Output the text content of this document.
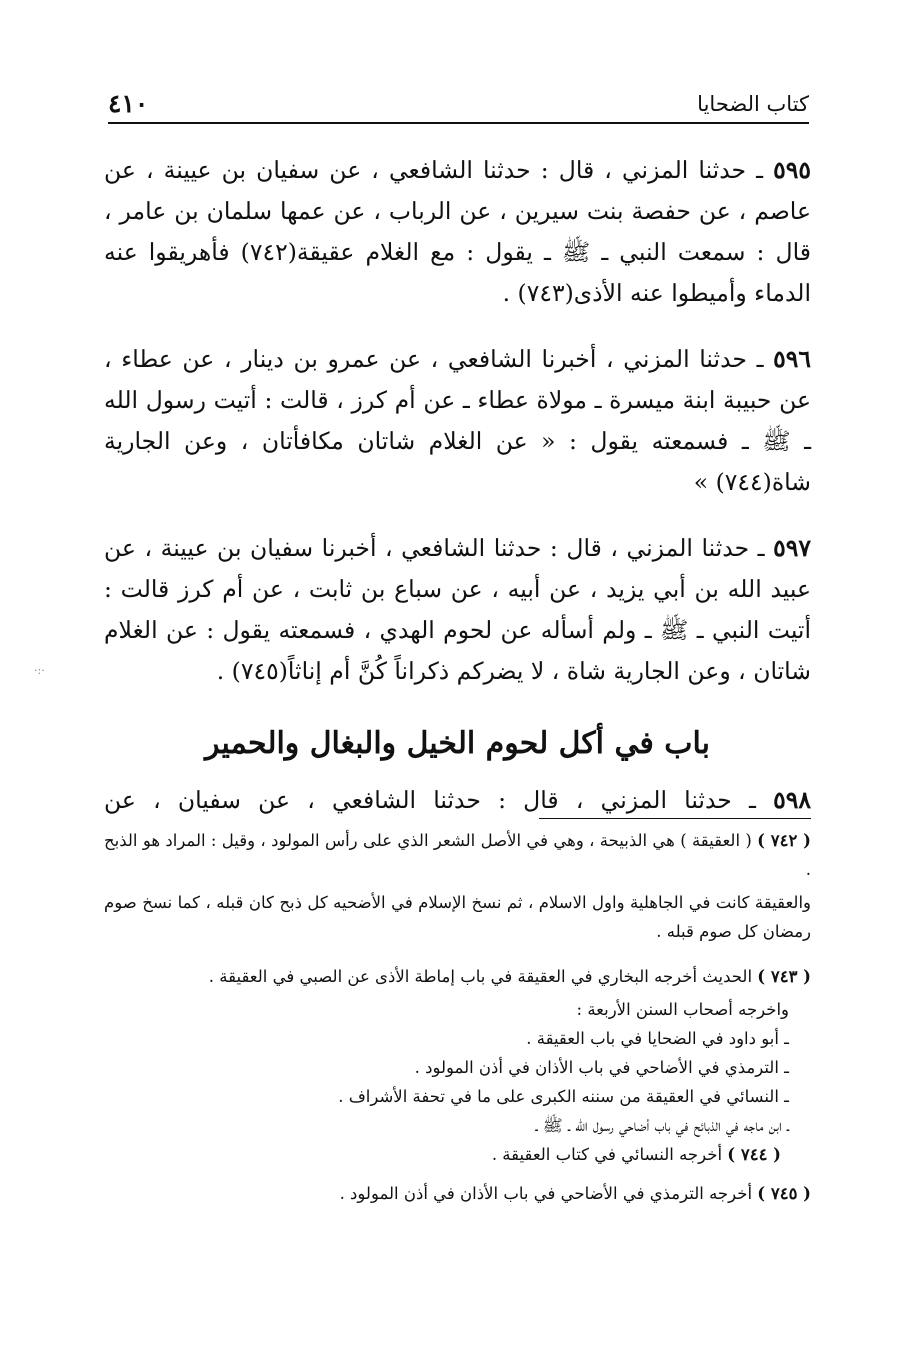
كتاب الضحايا
٤١٠

٥٩٥ ـ حدثنا المزني ، قال : حدثنا الشافعي ، عن سفيان بن عيينة ، عن عاصم ، عن حفصة بنت سيرين ، عن الرباب ، عن عمها سلمان بن عامر ، قال : سمعت النبي ـ ﷺ ـ يقول : مع الغلام عقيقة(٧٤٢) فأهريقوا عنه الدماء وأميطوا عنه الأذى(٧٤٣) .

٥٩٦ ـ حدثنا المزني ، أخبرنا الشافعي ، عن عمرو بن دينار ، عن عطاء ، عن حبيبة ابنة ميسرة ـ مولاة عطاء ـ عن أم كرز ، قالت : أتيت رسول الله ـ ﷺ ـ فسمعته يقول : « عن الغلام شاتان مكافأتان ، وعن الجارية شاة(٧٤٤) »

٥٩٧ ـ حدثنا المزني ، قال : حدثنا الشافعي ، أخبرنا سفيان بن عيينة ، عن عبيد الله بن أبي يزيد ، عن أبيه ، عن سباع بن ثابت ، عن أم كرز قالت : أتيت النبي ـ ﷺ ـ ولم أسأله عن لحوم الهدي ، فسمعته يقول : عن الغلام شاتان ، وعن الجارية شاة ، لا يضركم ذكراناً كُنَّ أم إناثاً(٧٤٥) .

باب في أكل لحوم الخيل والبغال والحمير

٥٩٨ ـ حدثنا المزني ، قال : حدثنا الشافعي ، عن سفيان ، عن

( ٧٤٢ ) ( العقيقة ) هي الذبيحة ، وهي في الأصل الشعر الذي على رأس المولود ، وقيل : المراد هو الذبح .

والعقيقة كانت في الجاهلية واول الاسلام ، ثم نسخ الإسلام في الأضحيه كل ذبح كان قبله ، كما نسخ صوم رمضان كل صوم قبله .

( ٧٤٣ ) الحديث أخرجه البخاري في العقيقة في باب إماطة الأذى عن الصبي في العقيقة .

واخرجه أصحاب السنن الأربعة :

ـ أبو داود في الضحايا في باب العقيقة .

ـ الترمذي في الأضاحي في باب الأذان في أذن المولود .

ـ النسائي في العقيقة من سننه الكبرى على ما في تحفة الأشراف .

ـ ابن ماجه في الذبائح في باب أضاحي رسول الله ـ ﷺ ـ

( ٧٤٤ ) أخرجه النسائي في كتاب العقيقة .

( ٧٤٥ ) أخرجه الترمذي في الأضاحي في باب الأذان في أذن المولود .

·:·
